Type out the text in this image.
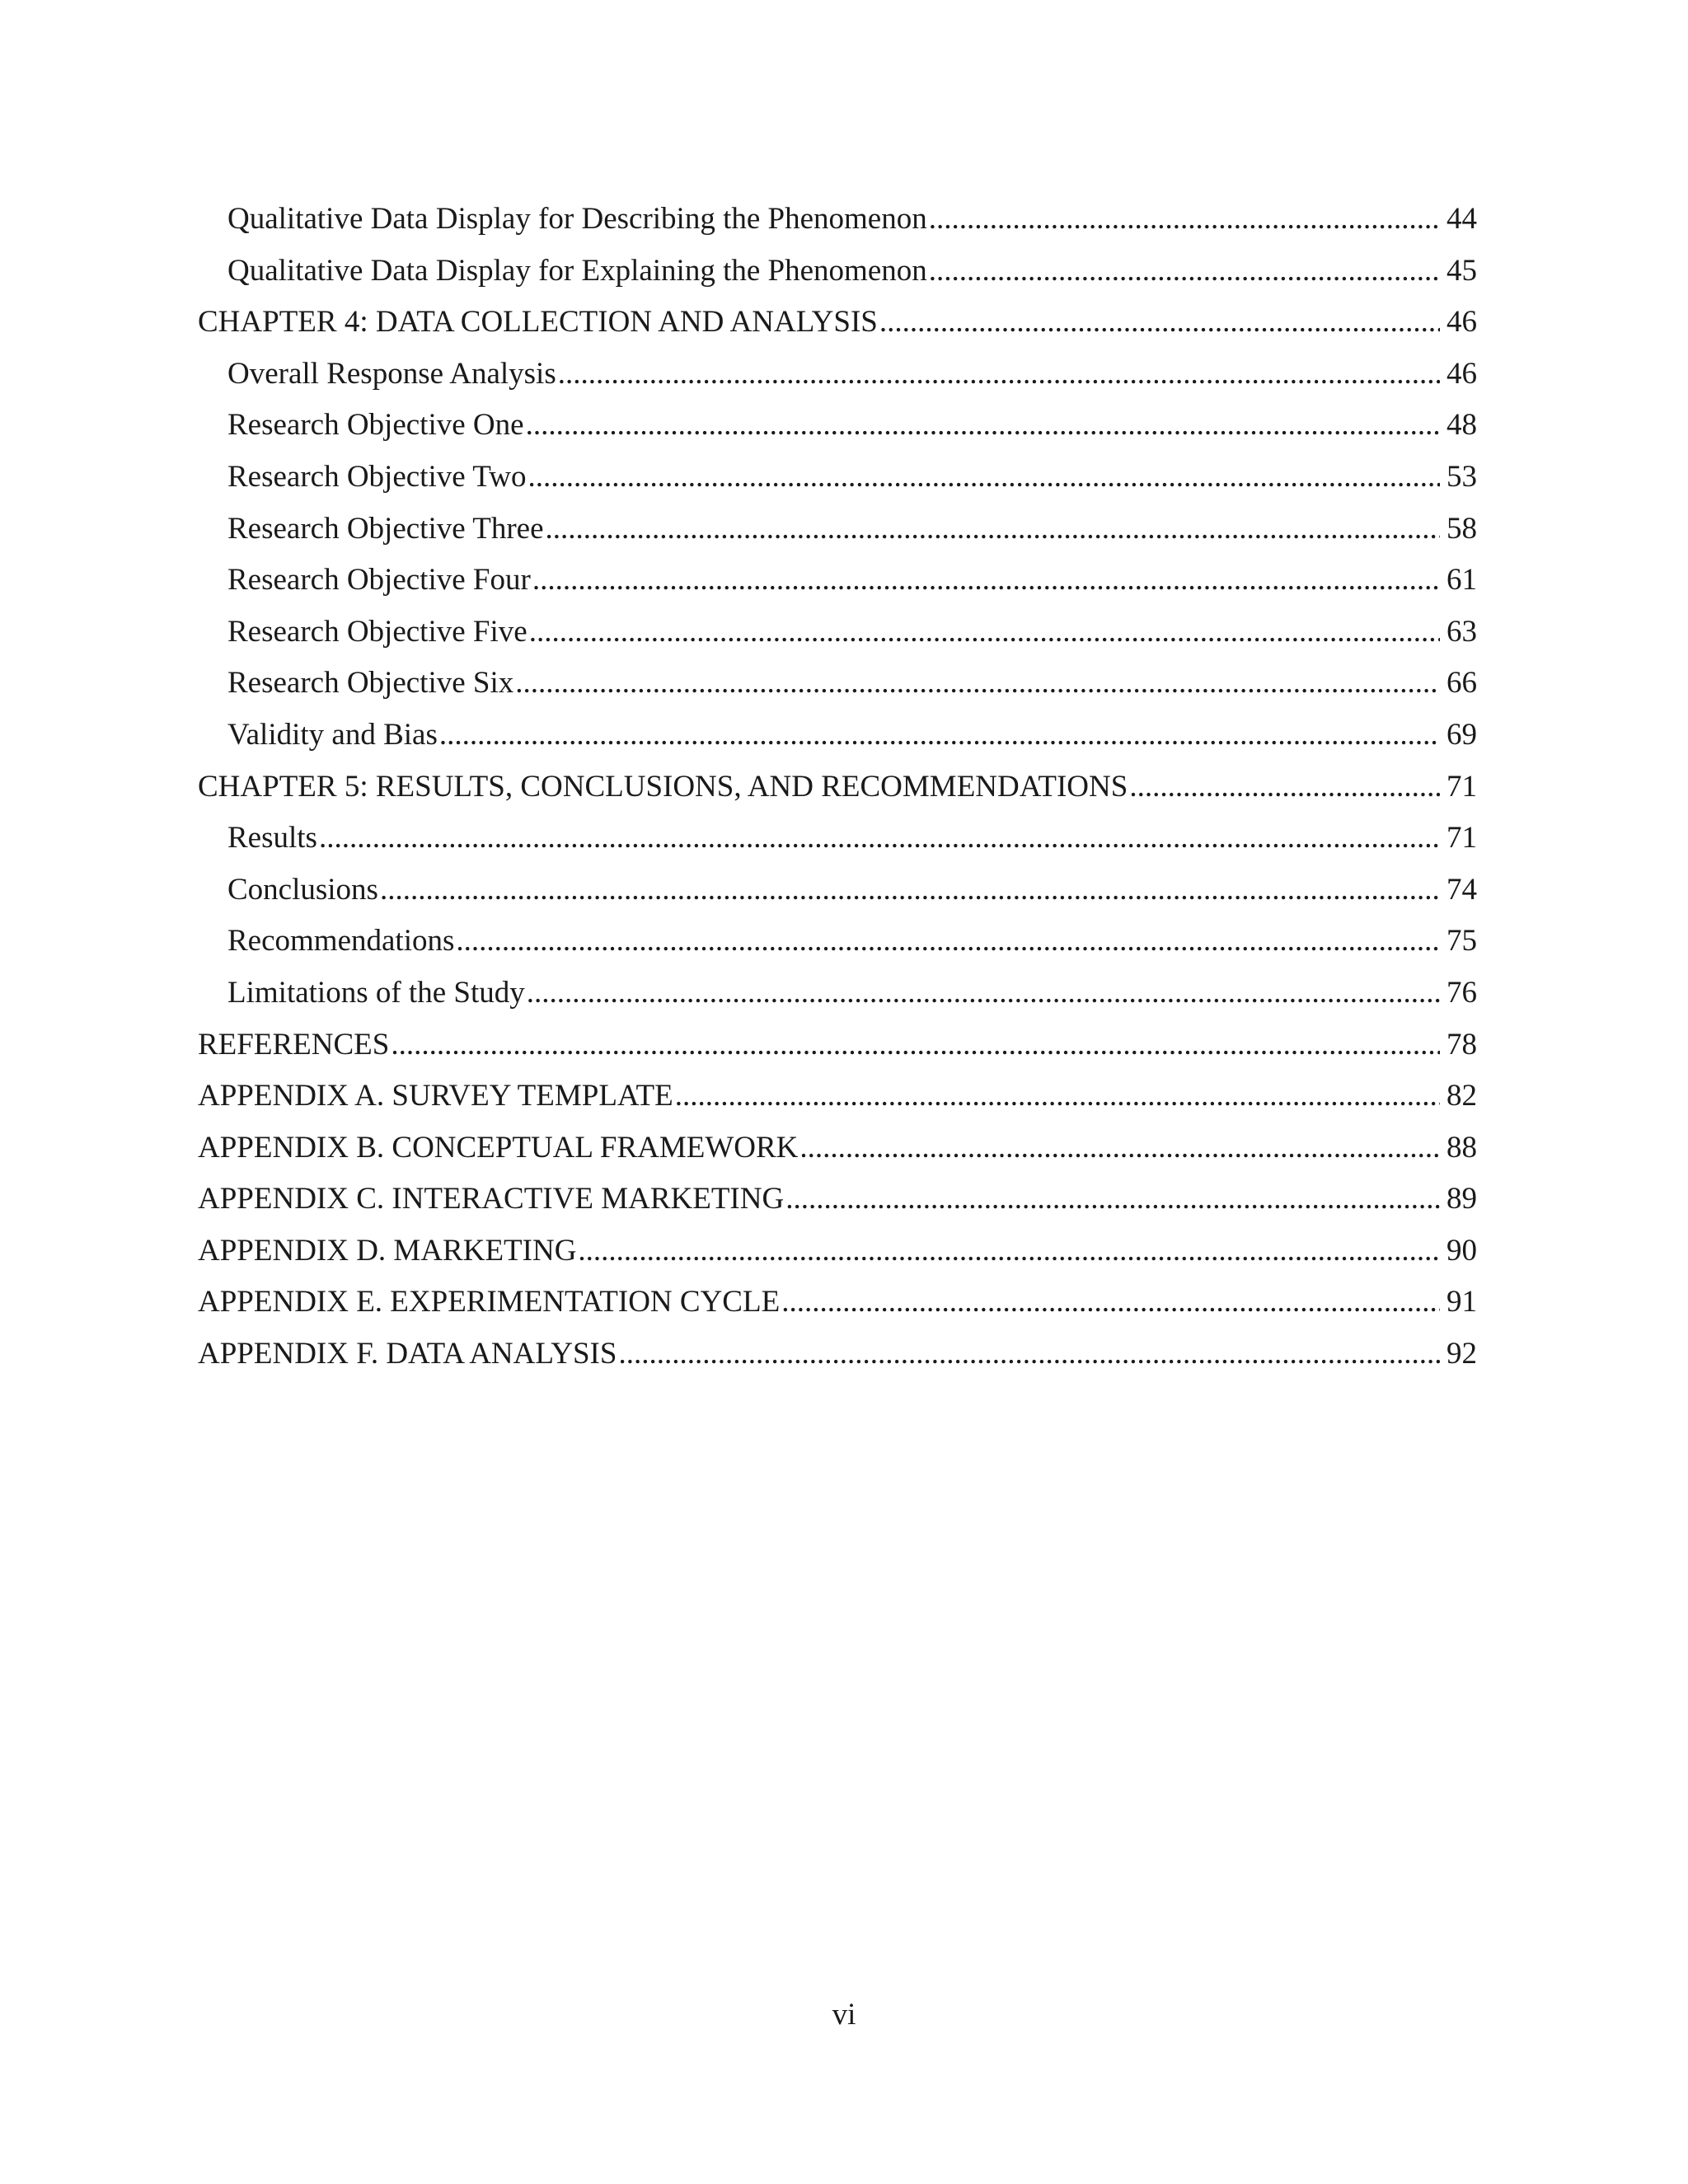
Qualitative Data Display for Describing the Phenomenon .....	44
Qualitative Data Display for Explaining the Phenomenon .....	45
CHAPTER 4: DATA COLLECTION AND ANALYSIS .....	46
Overall Response Analysis .....	46
Research Objective One .....	48
Research Objective Two .....	53
Research Objective Three .....	58
Research Objective Four .....	61
Research Objective Five .....	63
Research Objective Six .....	66
Validity and Bias .....	69
CHAPTER 5: RESULTS, CONCLUSIONS, AND RECOMMENDATIONS .....	71
Results .....	71
Conclusions .....	74
Recommendations .....	75
Limitations of the Study .....	76
REFERENCES .....	78
APPENDIX A. SURVEY TEMPLATE .....	82
APPENDIX B. CONCEPTUAL FRAMEWORK .....	88
APPENDIX C. INTERACTIVE MARKETING .....	89
APPENDIX D. MARKETING .....	90
APPENDIX E. EXPERIMENTATION CYCLE .....	91
APPENDIX F. DATA ANALYSIS .....	92
vi
